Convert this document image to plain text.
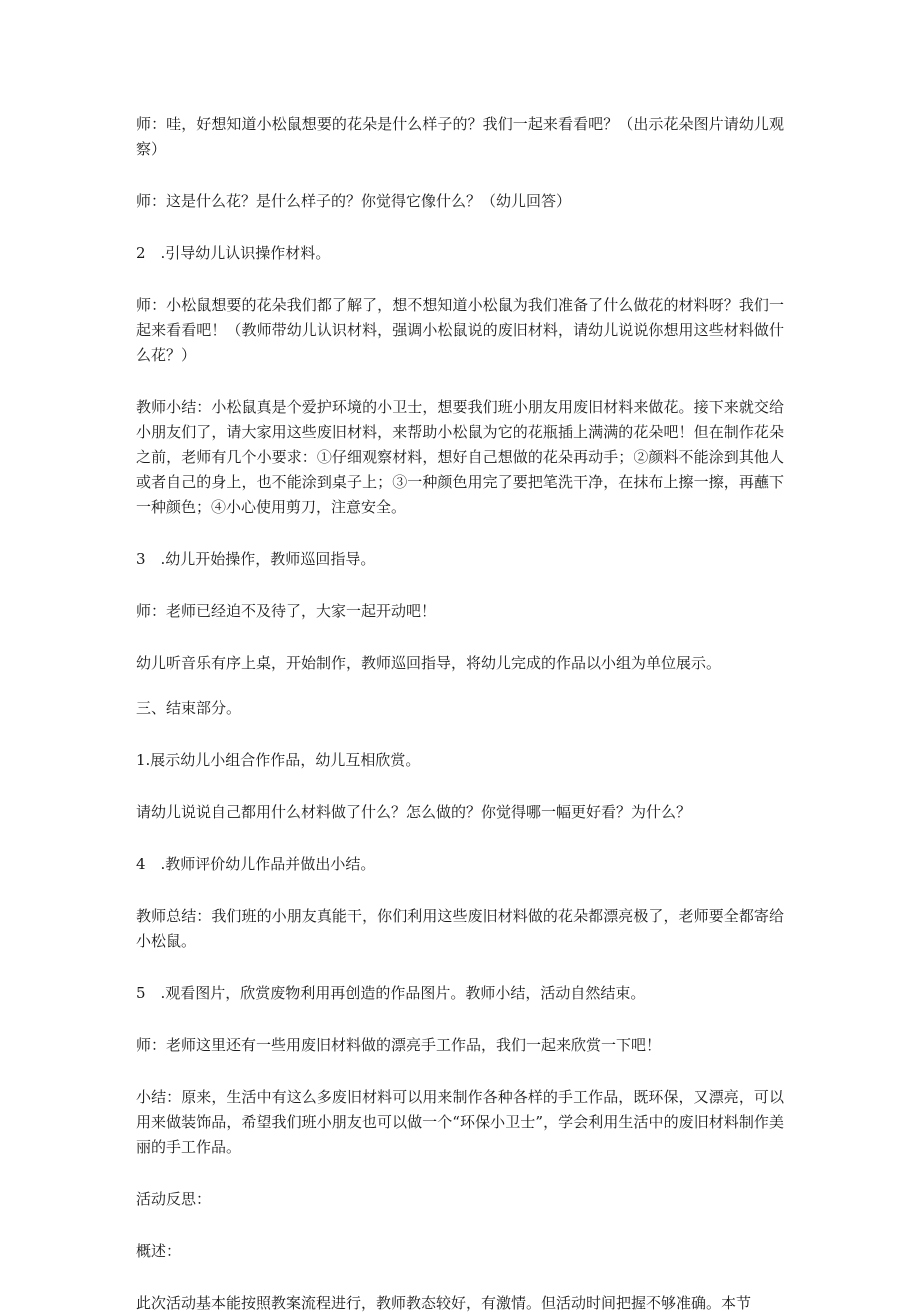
师：哇，好想知道小松鼠想要的花朵是什么样子的？我们一起来看看吧？（出示花朵图片请幼儿观察）

师：这是什么花？是什么样子的？你觉得它像什么？（幼儿回答）

2　.引导幼儿认识操作材料。

师：小松鼠想要的花朵我们都了解了，想不想知道小松鼠为我们准备了什么做花的材料呀？我们一起来看看吧！（教师带幼儿认识材料，强调小松鼠说的废旧材料，请幼儿说说你想用这些材料做什么花？）

教师小结：小松鼠真是个爱护环境的小卫士，想要我们班小朋友用废旧材料来做花。接下来就交给小朋友们了，请大家用这些废旧材料，来帮助小松鼠为它的花瓶插上满满的花朵吧！但在制作花朵之前，老师有几个小要求：①仔细观察材料，想好自己想做的花朵再动手；②颜料不能涂到其他人或者自己的身上，也不能涂到桌子上；③一种颜色用完了要把笔洗干净，在抹布上擦一擦，再蘸下一种颜色；④小心使用剪刀，注意安全。

3　.幼儿开始操作，教师巡回指导。

师：老师已经迫不及待了，大家一起开动吧！

幼儿听音乐有序上桌，开始制作，教师巡回指导，将幼儿完成的作品以小组为单位展示。

三、结束部分。

1.展示幼儿小组合作作品，幼儿互相欣赏。

请幼儿说说自己都用什么材料做了什么？怎么做的？你觉得哪一幅更好看？为什么？

4　.教师评价幼儿作品并做出小结。

教师总结：我们班的小朋友真能干，你们利用这些废旧材料做的花朵都漂亮极了，老师要全都寄给小松鼠。

5　.观看图片，欣赏废物利用再创造的作品图片。教师小结，活动自然结束。

师：老师这里还有一些用废旧材料做的漂亮手工作品，我们一起来欣赏一下吧！

小结：原来，生活中有这么多废旧材料可以用来制作各种各样的手工作品，既环保，又漂亮，可以用来做装饰品，希望我们班小朋友也可以做一个“环保小卫士”，学会利用生活中的废旧材料制作美丽的手工作品。

活动反思：

概述：

此次活动基本能按照教案流程进行，教师教态较好，有激情。但活动时间把握不够准确。本节
